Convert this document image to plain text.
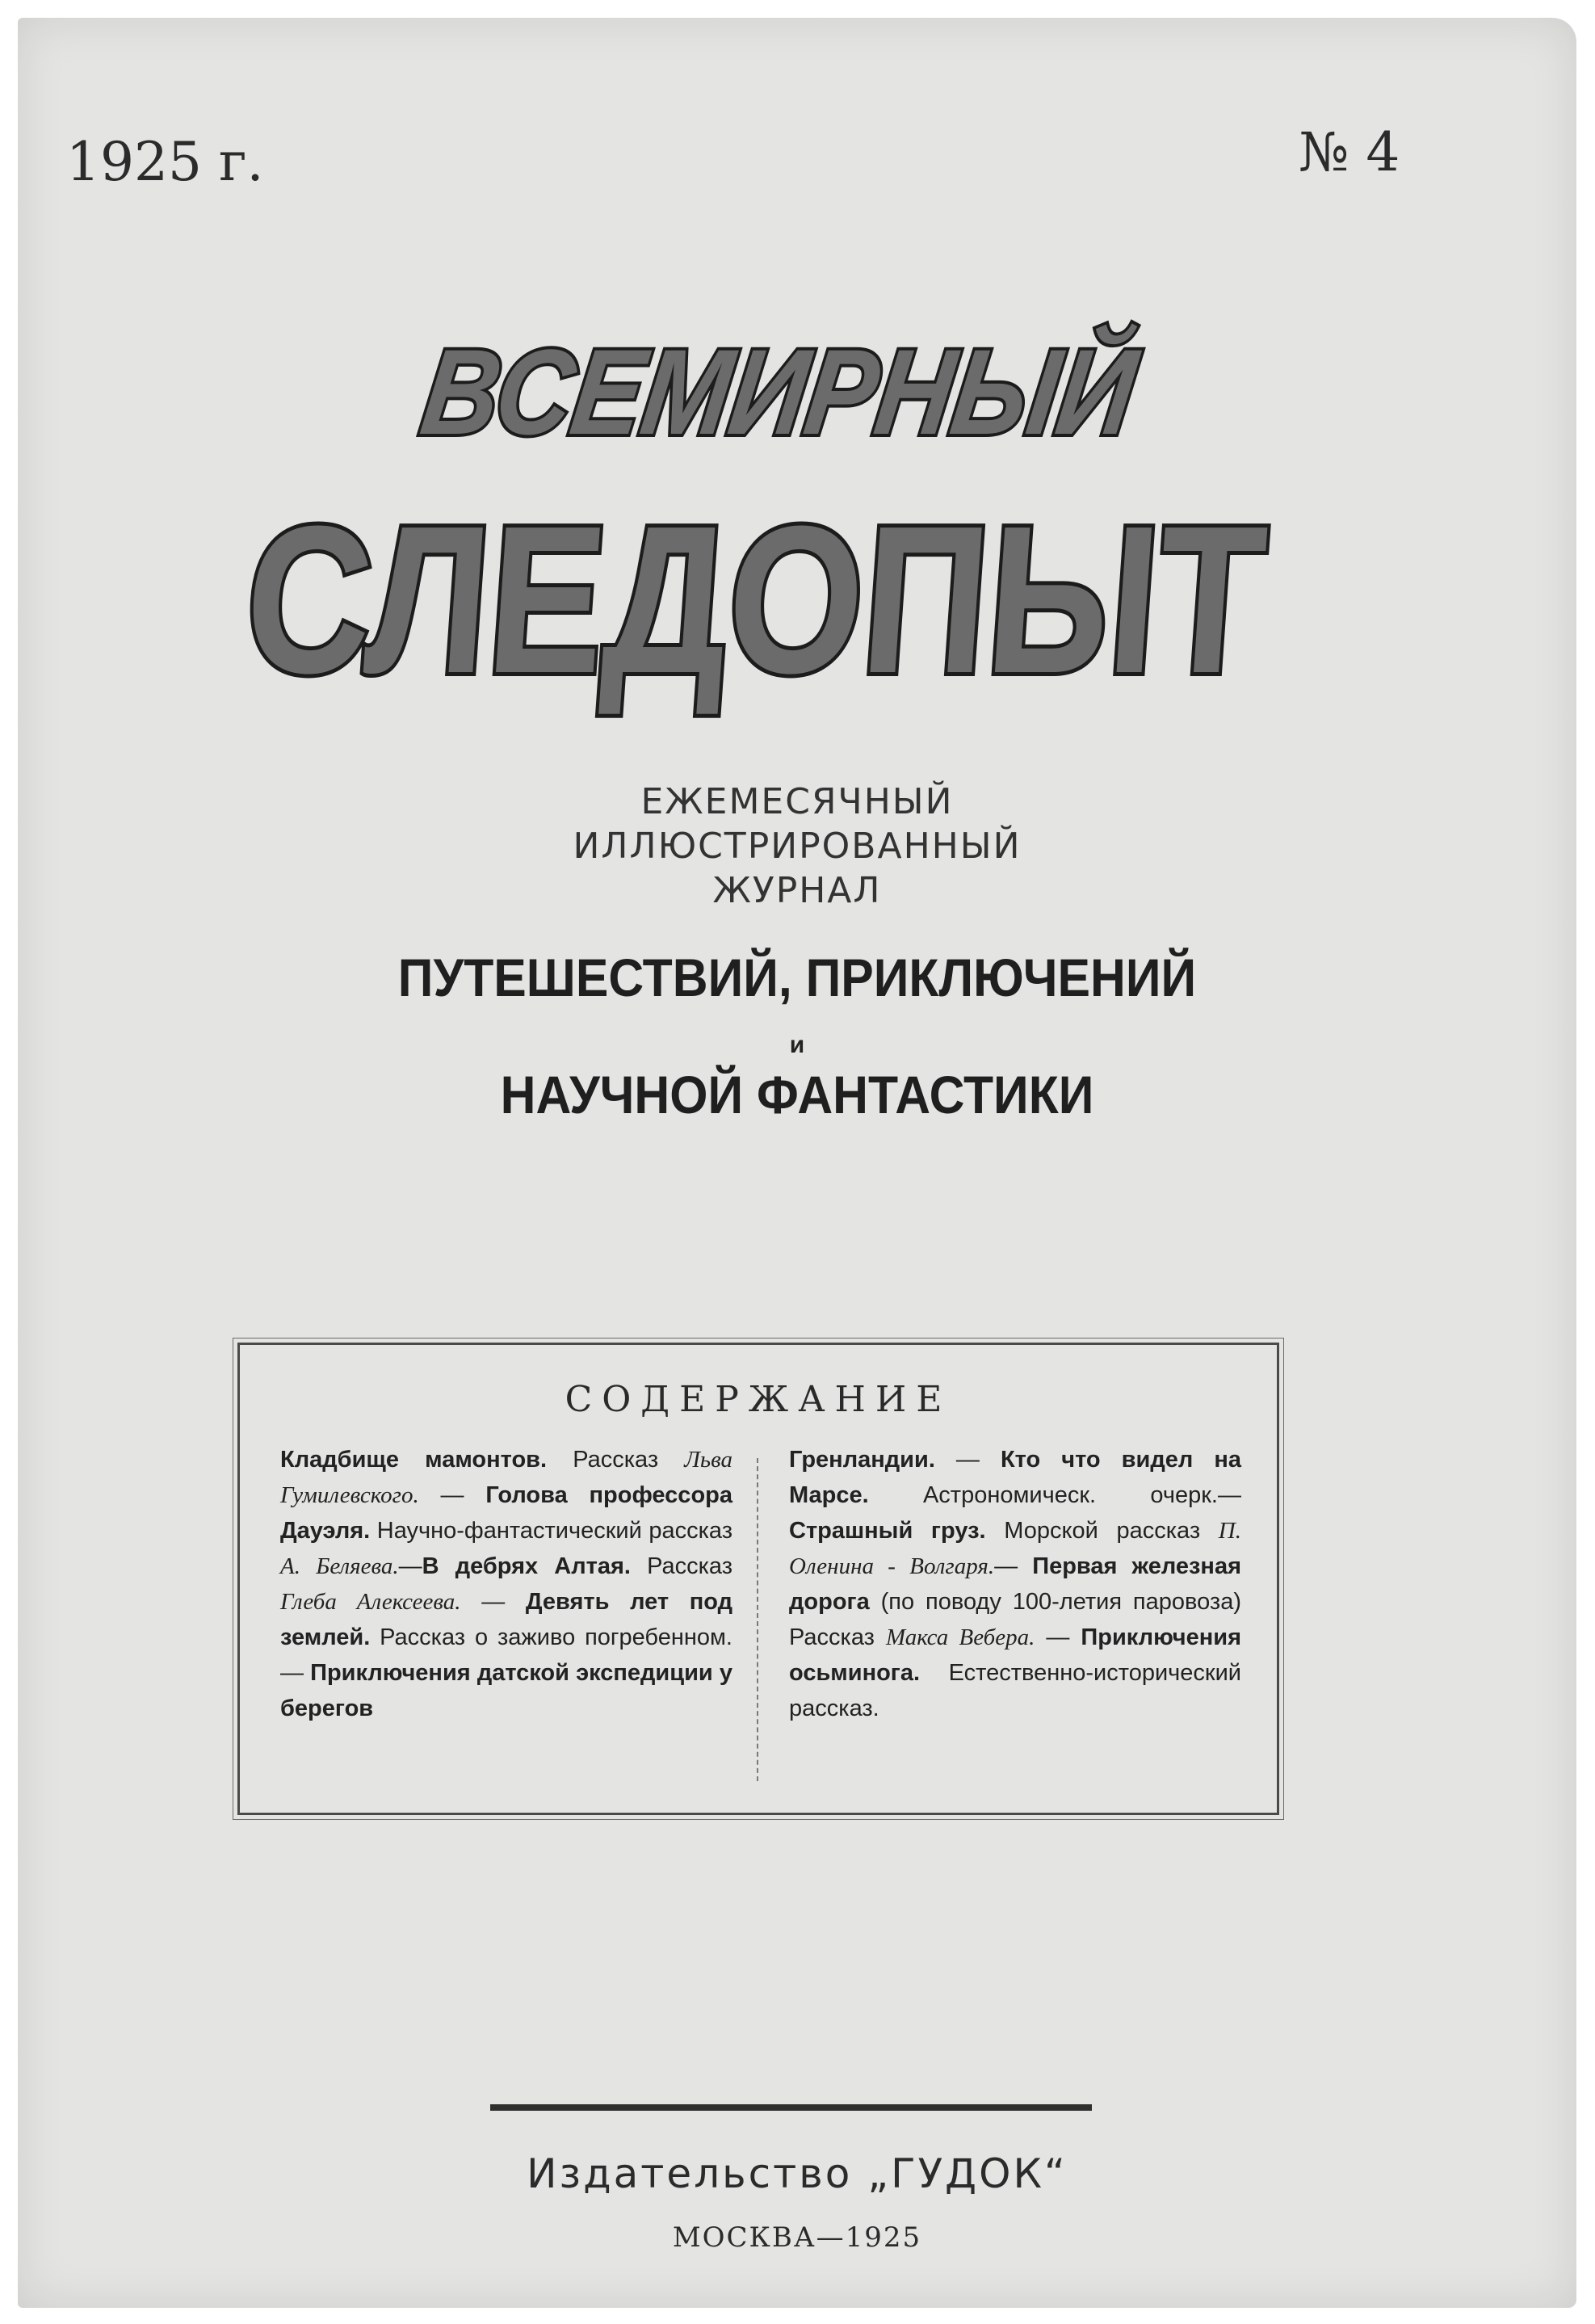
1925 г.	№ 4
ВСЕМИРНЫЙ
СЛЕДОПЫТ
ЕЖЕМЕСЯЧНЫЙ
ИЛЛЮСТРИРОВАННЫЙ
ЖУРНАЛ
ПУТЕШЕСТВИЙ, ПРИКЛЮЧЕНИЙ
и
НАУЧНОЙ ФАНТАСТИКИ
СОДЕРЖАНИЕ
Кладбище мамонтов. Рассказ Льва Гумилевского. — Голова профессора Дауэля. Научно-фантастический рассказ А. Беляева.—В дебрях Алтая. Рассказ Глеба Алексеева. — Девять лет под землей. Рассказ о заживо погребенном. — Приключения датской экспедиции у берегов
Гренландии. — Кто что видел на Марсе. Астрономическ. очерк.— Страшный груз. Морской рассказ П. Оленина - Волгаря.— Первая железная дорога (по поводу 100-летия паровоза) Рассказ Макса Вебера. — Приключения осьминога. Естественно-исторический рассказ.
Издательство „ГУДОК“
МОСКВА—1925
